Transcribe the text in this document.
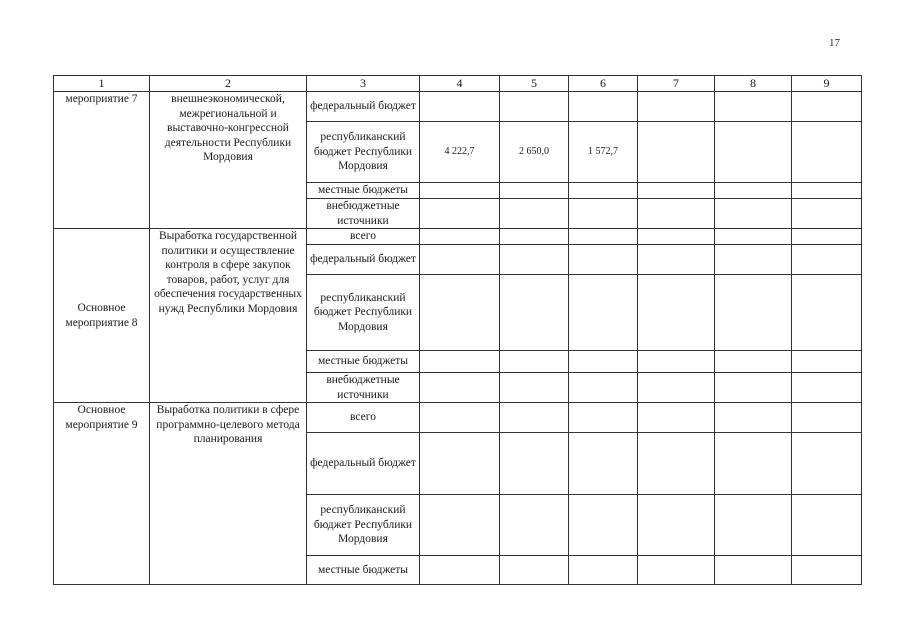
17
1	2	3	4	5	6	7	8	9
мероприятие 7	внешнеэкономической, межрегиональной и выставочно-конгрессной деятельности Республики Мордовия	федеральный бюджет						
		республиканский бюджет Республики Мордовия	4 222,7	2 650,0	1 572,7			
		местные бюджеты						
		внебюджетные источники						
Основное мероприятие 8	Выработка государственной политики и осуществление контроля в сфере закупок товаров, работ, услуг для обеспечения государственных нужд Республики Мордовия	всего						
		федеральный бюджет						
		республиканский бюджет Республики Мордовия						
		местные бюджеты						
		внебюджетные источники						
Основное мероприятие 9	Выработка политики в сфере программно-целевого метода планирования	всего						
		федеральный бюджет						
		республиканский бюджет Республики Мордовия						
		местные бюджеты						
